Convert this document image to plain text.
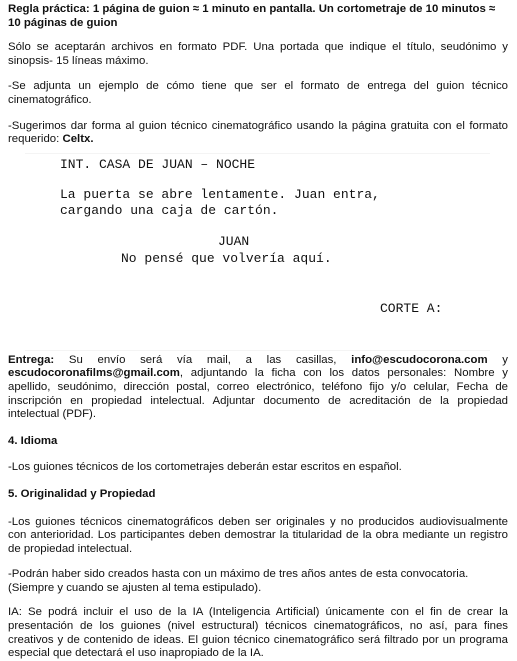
Regla práctica: 1 página de guion ≈ 1 minuto en pantalla. Un cortometraje de 10 minutos ≈ 10 páginas de guion

Sólo se aceptarán archivos en formato PDF. Una portada que indique el título, seudónimo y sinopsis- 15 líneas máximo.

-Se adjunta un ejemplo de cómo tiene que ser el formato de entrega del guion técnico cinematográfico.

-Sugerimos dar forma al guion técnico cinematográfico usando la página gratuita con el formato requerido: Celtx.

INT. CASA DE JUAN – NOCHE
La puerta se abre lentamente. Juan entra,
cargando una caja de cartón.
JUAN
No pensé que volvería aquí.
CORTE A:

Entrega: Su envío será vía mail, a las casillas, info@escudocorona.com y escudocoronafilms@gmail.com, adjuntando la ficha con los datos personales: Nombre y apellido, seudónimo, dirección postal, correo electrónico, teléfono fijo y/o celular, Fecha de inscripción en propiedad intelectual. Adjuntar documento de acreditación de la propiedad intelectual (PDF).

4. Idioma

-Los guiones técnicos de los cortometrajes deberán estar escritos en español.

5. Originalidad y Propiedad

-Los guiones técnicos cinematográficos deben ser originales y no producidos audiovisualmente con anterioridad. Los participantes deben demostrar la titularidad de la obra mediante un registro de propiedad intelectual.

-Podrán haber sido creados hasta con un máximo de tres años antes de esta convocatoria.
(Siempre y cuando se ajusten al tema estipulado).

IA: Se podrá incluir el uso de la IA (Inteligencia Artificial) únicamente con el fin de crear la presentación de los guiones (nivel estructural) técnicos cinematográficos, no así, para fines creativos y de contenido de ideas. El guion técnico cinematográfico será filtrado por un programa especial que detectará el uso inapropiado de la IA.
